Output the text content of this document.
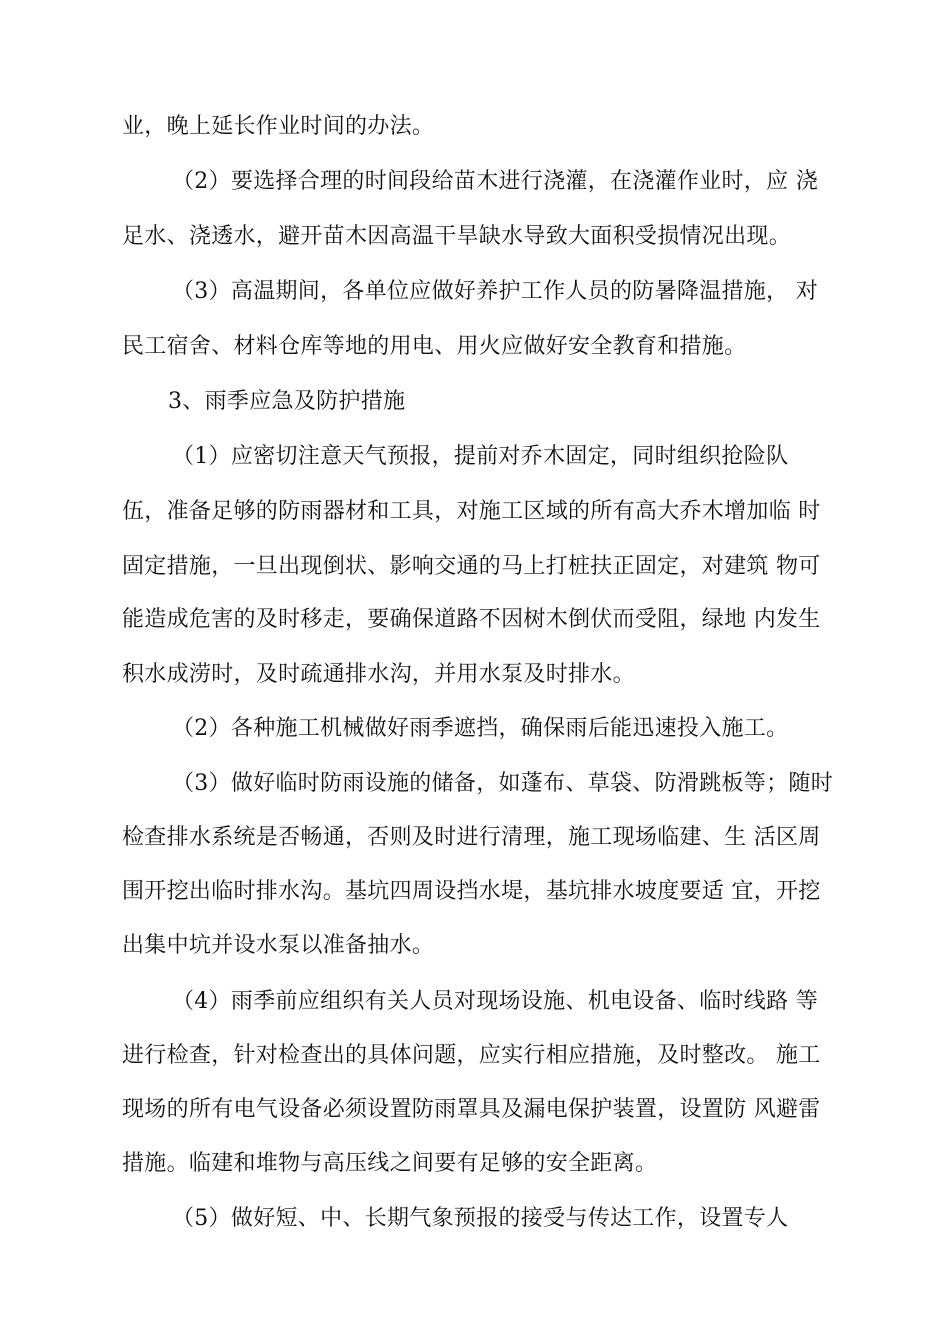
业，晚上延长作业时间的办法。
（2）要选择合理的时间段给苗木进行浇灌，在浇灌作业时，应 浇
足水、浇透水，避开苗木因高温干旱缺水导致大面积受损情况出现。
（3）高温期间，各单位应做好养护工作人员的防暑降温措施， 对
民工宿舍、材料仓库等地的用电、用火应做好安全教育和措施。
3、雨季应急及防护措施
（1）应密切注意天气预报，提前对乔木固定，同时组织抢险队
伍，准备足够的防雨器材和工具，对施工区域的所有高大乔木增加临 时
固定措施，一旦出现倒状、影响交通的马上打桩扶正固定，对建筑 物可
能造成危害的及时移走，要确保道路不因树木倒伏而受阻，绿地 内发生
积水成涝时，及时疏通排水沟，并用水泵及时排水。
（2）各种施工机械做好雨季遮挡，确保雨后能迅速投入施工。
（3）做好临时防雨设施的储备，如蓬布、草袋、防滑跳板等；随时
检查排水系统是否畅通，否则及时进行清理，施工现场临建、生 活区周
围开挖出临时排水沟。基坑四周设挡水堤，基坑排水坡度要适 宜，开挖
出集中坑并设水泵以准备抽水。
（4）雨季前应组织有关人员对现场设施、机电设备、临时线路 等
进行检查，针对检查出的具体问题，应实行相应措施，及时整改。 施工
现场的所有电气设备必须设置防雨罩具及漏电保护装置，设置防 风避雷
措施。临建和堆物与高压线之间要有足够的安全距离。
（5）做好短、中、长期气象预报的接受与传达工作，设置专人
